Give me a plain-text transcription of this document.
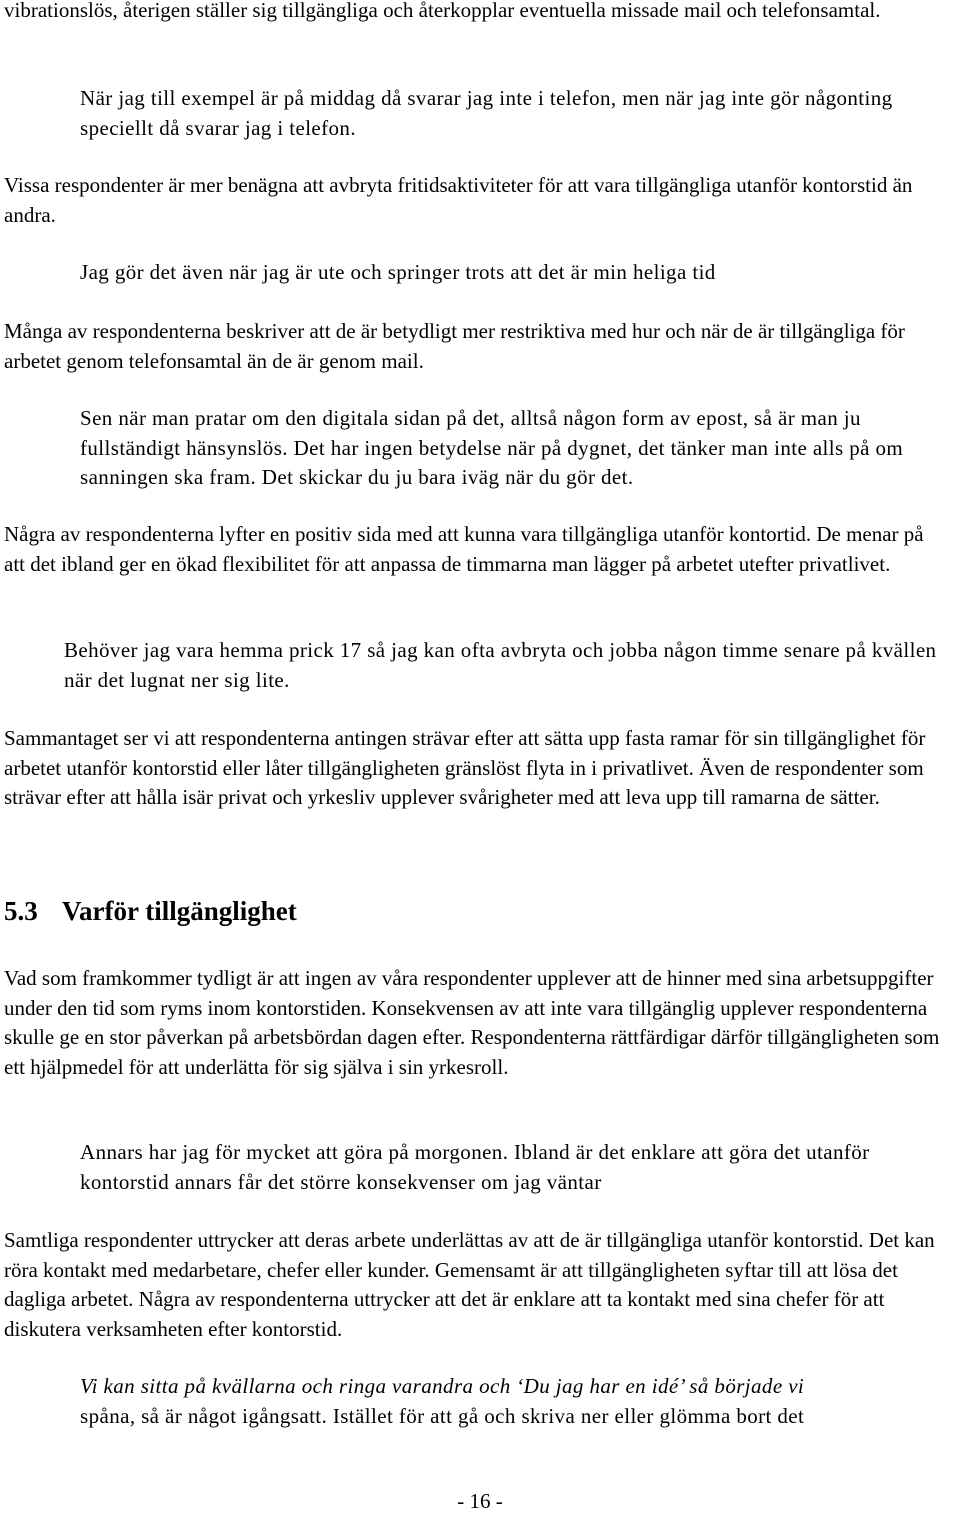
vibrationslös, återigen ställer sig tillgängliga och återkopplar eventuella missade mail och telefonsamtal.

När jag till exempel är på middag då svarar jag inte i telefon, men när jag inte gör någonting speciellt då svarar jag i telefon.

Vissa respondenter är mer benägna att avbryta fritidsaktiviteter för att vara tillgängliga utanför kontorstid än andra.

Jag gör det även när jag är ute och springer trots att det är min heliga tid

Många av respondenterna beskriver att de är betydligt mer restriktiva med hur och när de är tillgängliga för arbetet genom telefonsamtal än de är genom mail.

Sen när man pratar om den digitala sidan på det, alltså någon form av epost, så är man ju fullständigt hänsynslös. Det har ingen betydelse när på dygnet, det tänker man inte alls på om sanningen ska fram. Det skickar du ju bara iväg när du gör det.

Några av respondenterna lyfter en positiv sida med att kunna vara tillgängliga utanför kontortid. De menar på att det ibland ger en ökad flexibilitet för att anpassa de timmarna man lägger på arbetet utefter privatlivet.

Behöver jag vara hemma prick 17 så jag kan ofta avbryta och jobba någon timme senare på kvällen när det lugnat ner sig lite.

Sammantaget ser vi att respondenterna antingen strävar efter att sätta upp fasta ramar för sin tillgänglighet för arbetet utanför kontorstid eller låter tillgängligheten gränslöst flyta in i privatlivet. Även de respondenter som strävar efter att hålla isär privat och yrkesliv upplever svårigheter med att leva upp till ramarna de sätter.

5.3 Varför tillgänglighet

Vad som framkommer tydligt är att ingen av våra respondenter upplever att de hinner med sina arbetsuppgifter under den tid som ryms inom kontorstiden. Konsekvensen av att inte vara tillgänglig upplever respondenterna skulle ge en stor påverkan på arbetsbördan dagen efter. Respondenterna rättfärdigar därför tillgängligheten som ett hjälpmedel för att underlätta för sig själva i sin yrkesroll.

Annars har jag för mycket att göra på morgonen. Ibland är det enklare att göra det utanför kontorstid annars får det större konsekvenser om jag väntar

Samtliga respondenter uttrycker att deras arbete underlättas av att de är tillgängliga utanför kontorstid. Det kan röra kontakt med medarbetare, chefer eller kunder. Gemensamt är att tillgängligheten syftar till att lösa det dagliga arbetet. Några av respondenterna uttrycker att det är enklare att ta kontakt med sina chefer för att diskutera verksamheten efter kontorstid.

Vi kan sitta på kvällarna och ringa varandra och ‘Du jag har en idé’ så började vi
spåna, så är något igångsatt. Istället för att gå och skriva ner eller glömma bort det
- 16 -
